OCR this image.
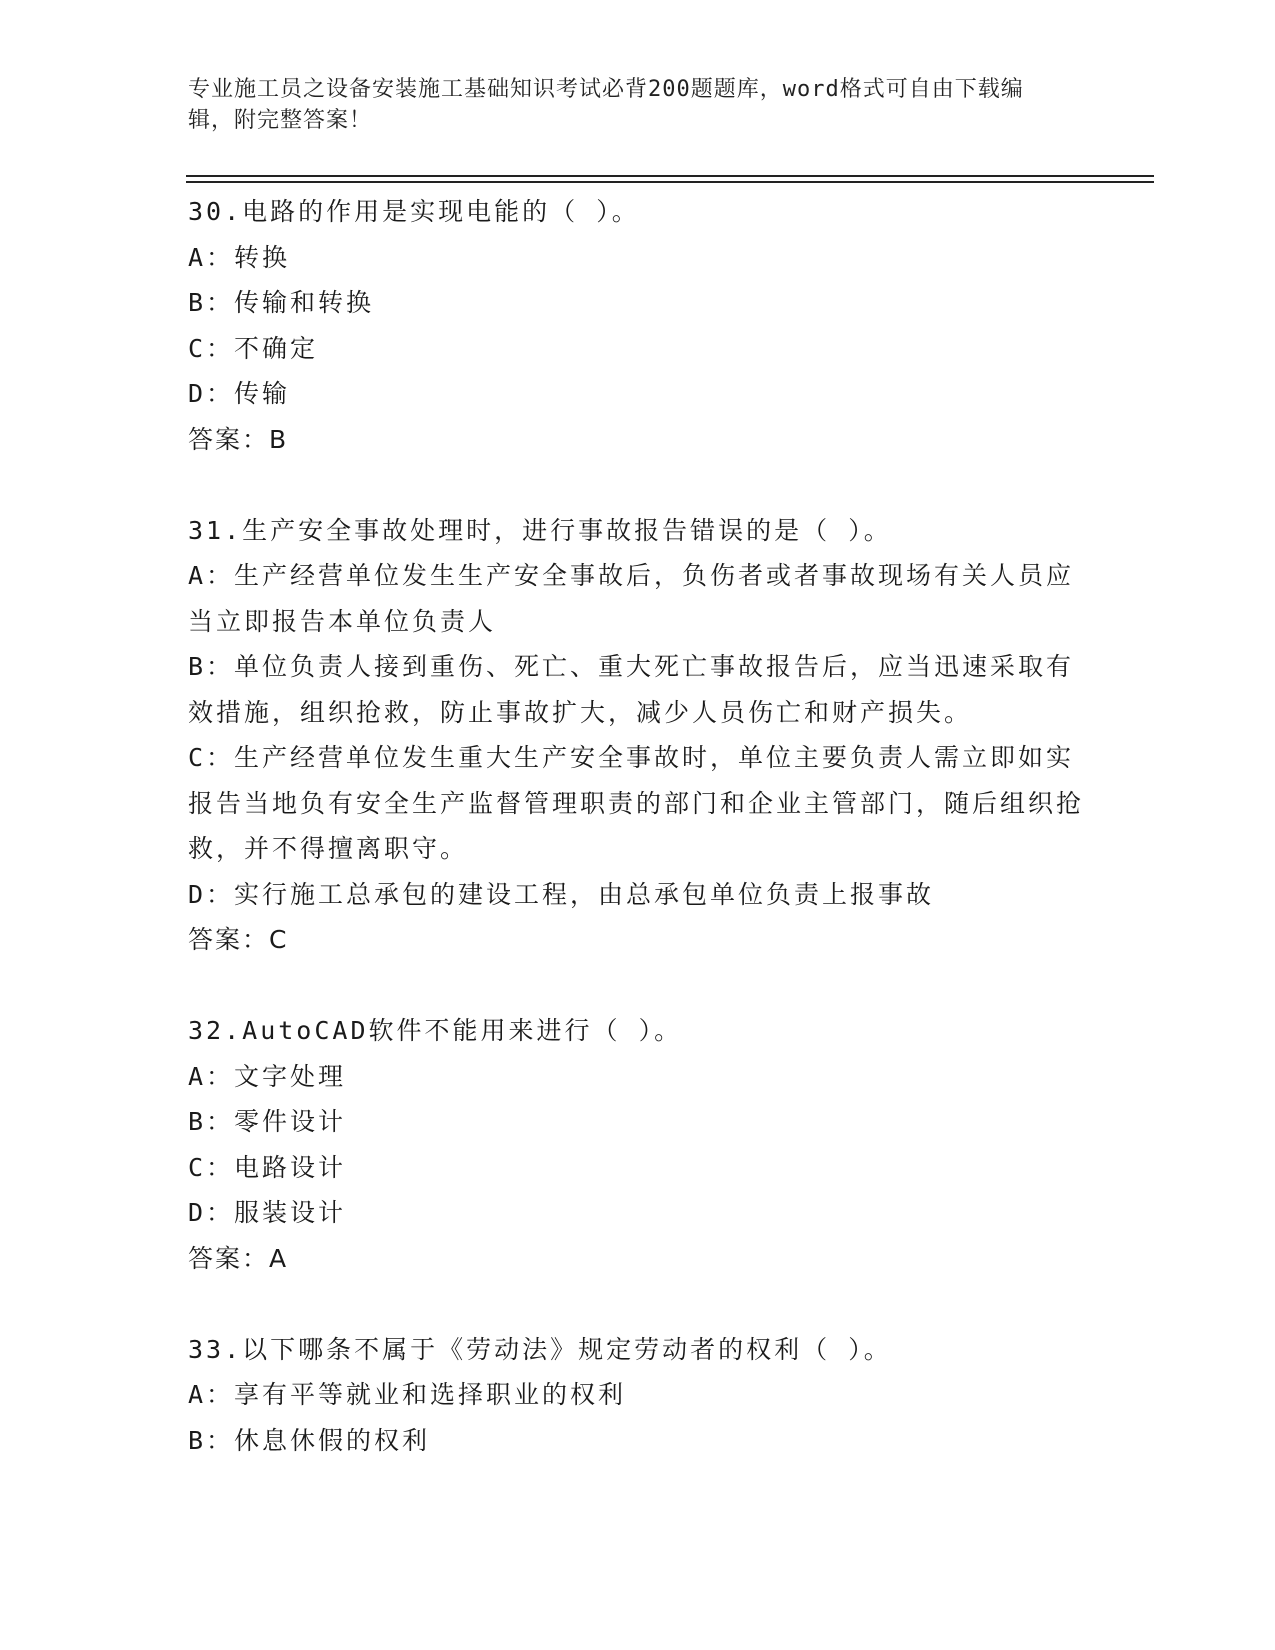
专业施工员之设备安装施工基础知识考试必背200题题库，word格式可自由下载编辑，附完整答案！
30.电路的作用是实现电能的（ ）。
A：转换
B：传输和转换
C：不确定
D：传输
答案：B
31.生产安全事故处理时，进行事故报告错误的是（ ）。
A：生产经营单位发生生产安全事故后，负伤者或者事故现场有关人员应当立即报告本单位负责人
B：单位负责人接到重伤、死亡、重大死亡事故报告后，应当迅速采取有效措施，组织抢救，防止事故扩大，减少人员伤亡和财产损失。
C：生产经营单位发生重大生产安全事故时，单位主要负责人需立即如实报告当地负有安全生产监督管理职责的部门和企业主管部门，随后组织抢救，并不得擅离职守。
D：实行施工总承包的建设工程，由总承包单位负责上报事故
答案：C
32.AutoCAD软件不能用来进行（ ）。
A：文字处理
B：零件设计
C：电路设计
D：服装设计
答案：A
33.以下哪条不属于《劳动法》规定劳动者的权利（ ）。
A：享有平等就业和选择职业的权利
B：休息休假的权利
